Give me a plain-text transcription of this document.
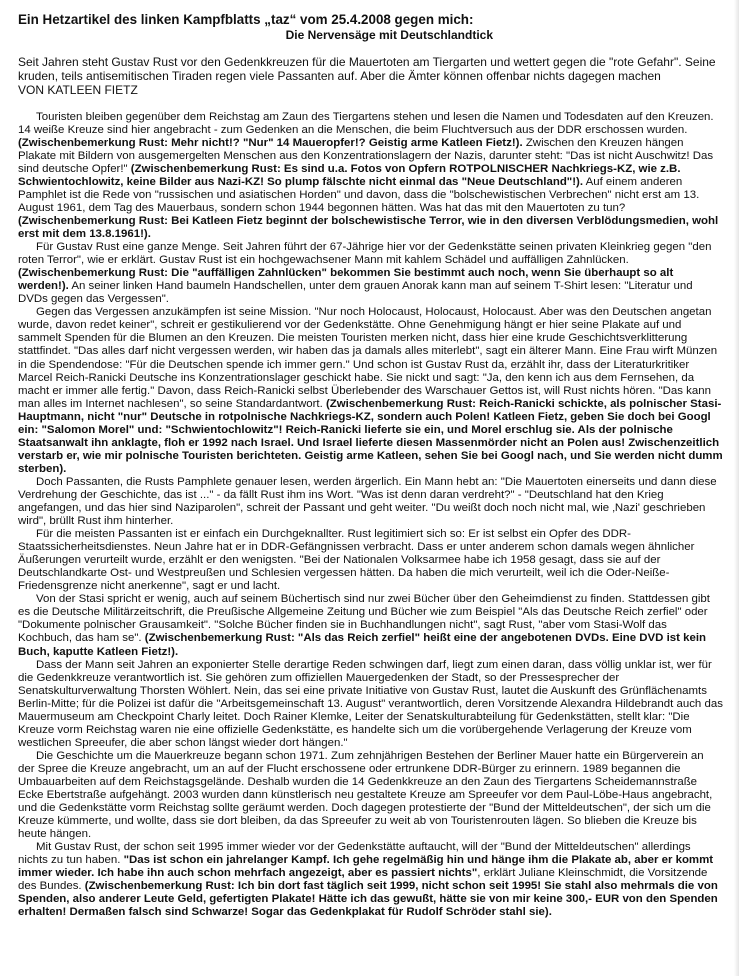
Ein Hetzartikel des linken Kampfblatts „taz“ vom 25.4.2008 gegen mich:
Die Nervensäge mit Deutschlandtick
Seit Jahren steht Gustav Rust vor den Gedenkkreuzen für die Mauertoten am Tiergarten und wettert gegen die "rote Gefahr". Seine kruden, teils antisemitischen Tiraden regen viele Passanten auf. Aber die Ämter können offenbar nichts dagegen machen
VON KATLEEN FIETZ

Touristen bleiben gegenüber dem Reichstag am Zaun des Tiergartens stehen und lesen die Namen und Todesdaten auf den Kreuzen. 14 weiße Kreuze sind hier angebracht - zum Gedenken an die Menschen, die beim Fluchtversuch aus der DDR erschossen wurden. (Zwischenbemerkung Rust: Mehr nicht!? "Nur" 14 Maueropfer!? Geistig arme Katleen Fietz!). Zwischen den Kreuzen hängen Plakate mit Bildern von ausgemergelten Menschen aus den Konzentrationslagern der Nazis, darunter steht: "Das ist nicht Auschwitz! Das sind deutsche Opfer!" (Zwischenbemerkung Rust: Es sind u.a. Fotos von Opfern ROTPOLNISCHER Nachkriegs-KZ, wie z.B. Schwientochlowitz, keine Bilder aus Nazi-KZ! So plump fälschte nicht einmal das "Neue Deutschland"!). Auf einem anderen Pamphlet ist die Rede von "russischen und asiatischen Horden" und davon, dass die "bolschewistischen Verbrechen" nicht erst am 13. August 1961, dem Tag des Mauerbaus, sondern schon 1944 begonnen hätten. Was hat das mit den Mauertoten zu tun? (Zwischenbemerkung Rust: Bei Katleen Fietz beginnt der bolschewistische Terror, wie in den diversen Verblödungsmedien, wohl erst mit dem 13.8.1961!).

Für Gustav Rust eine ganze Menge. Seit Jahren führt der 67-Jährige hier vor der Gedenkstätte seinen privaten Kleinkrieg gegen "den roten Terror", wie er erklärt. Gustav Rust ist ein hochgewachsener Mann mit kahlem Schädel und auffälligen Zahnlücken. (Zwischenbemerkung Rust: Die "auffälligen Zahnlücken" bekommen Sie bestimmt auch noch, wenn Sie überhaupt so alt werden!). An seiner linken Hand baumeln Handschellen, unter dem grauen Anorak kann man auf seinem T-Shirt lesen: "Literatur und DVDs gegen das Vergessen".

Gegen das Vergessen anzukämpfen ist seine Mission. "Nur noch Holocaust, Holocaust, Holocaust. Aber was den Deutschen angetan wurde, davon redet keiner", schreit er gestikulierend vor der Gedenkstätte. Ohne Genehmigung hängt er hier seine Plakate auf und sammelt Spenden für die Blumen an den Kreuzen. Die meisten Touristen merken nicht, dass hier eine krude Geschichtsverklitterung stattfindet. "Das alles darf nicht vergessen werden, wir haben das ja damals alles miterlebt", sagt ein älterer Mann. Eine Frau wirft Münzen in die Spendendose: "Für die Deutschen spende ich immer gern." Und schon ist Gustav Rust da, erzählt ihr, dass der Literaturkritiker Marcel Reich-Ranicki Deutsche ins Konzentrationslager geschickt habe. Sie nickt und sagt: "Ja, den kenn ich aus dem Fernsehen, da macht er immer alle fertig." Davon, dass Reich-Ranicki selbst Überlebender des Warschauer Gettos ist, will Rust nichts hören. "Das kann man alles im Internet nachlesen", so seine Standardantwort. (Zwischenbemerkung Rust: Reich-Ranicki schickte, als polnischer Stasi-Hauptmann, nicht "nur" Deutsche in rotpolnische Nachkriegs-KZ, sondern auch Polen! Katleen Fietz, geben Sie doch bei Googl ein: "Salomon Morel" und: "Schwientochlowitz"! Reich-Ranicki lieferte sie ein, und Morel erschlug sie. Als der polnische Staatsanwalt ihn anklagte, floh er 1992 nach Israel. Und Israel lieferte diesen Massenmörder nicht an Polen aus! Zwischenzeitlich verstarb er, wie mir polnische Touristen berichteten. Geistig arme Katleen, sehen Sie bei Googl nach, und Sie werden nicht dumm sterben).

Doch Passanten, die Rusts Pamphlete genauer lesen, werden ärgerlich. Ein Mann hebt an: "Die Mauertoten einerseits und dann diese Verdrehung der Geschichte, das ist ..." - da fällt Rust ihm ins Wort. "Was ist denn daran verdreht?" - "Deutschland hat den Krieg angefangen, und das hier sind Naziparolen", schreit der Passant und geht weiter. "Du weißt doch noch nicht mal, wie ‚Nazi' geschrieben wird", brüllt Rust ihm hinterher.

Für die meisten Passanten ist er einfach ein Durchgeknallter. Rust legitimiert sich so: Er ist selbst ein Opfer des DDR-Staatssicherheitsdienstes. Neun Jahre hat er in DDR-Gefängnissen verbracht. Dass er unter anderem schon damals wegen ähnlicher Äußerungen verurteilt wurde, erzählt er den wenigsten. "Bei der Nationalen Volksarmee habe ich 1958 gesagt, dass sie auf der Deutschlandkarte Ost- und Westpreußen und Schlesien vergessen hätten. Da haben die mich verurteilt, weil ich die Oder-Neiße-Friedensgrenze nicht anerkenne", sagt er und lacht.

Von der Stasi spricht er wenig, auch auf seinem Büchertisch sind nur zwei Bücher über den Geheimdienst zu finden. Stattdessen gibt es die Deutsche Militärzeitschrift, die Preußische Allgemeine Zeitung und Bücher wie zum Beispiel "Als das Deutsche Reich zerfiel" oder "Dokumente polnischer Grausamkeit". "Solche Bücher finden sie in Buchhandlungen nicht", sagt Rust, "aber vom Stasi-Wolf das Kochbuch, das ham se". (Zwischenbemerkung Rust: "Als das Reich zerfiel" heißt eine der angebotenen DVDs. Eine DVD ist kein Buch, kaputte Katleen Fietz!).

Dass der Mann seit Jahren an exponierter Stelle derartige Reden schwingen darf, liegt zum einen daran, dass völlig unklar ist, wer für die Gedenkkreuze verantwortlich ist. Sie gehören zum offiziellen Mauergedenken der Stadt, so der Pressesprecher der Senatskulturverwaltung Thorsten Wöhlert. Nein, das sei eine private Initiative von Gustav Rust, lautet die Auskunft des Grünflächenamts Berlin-Mitte; für die Polizei ist dafür die "Arbeitsgemeinschaft 13. August" verantwortlich, deren Vorsitzende Alexandra Hildebrandt auch das Mauermuseum am Checkpoint Charly leitet. Doch Rainer Klemke, Leiter der Senatskulturabteilung für Gedenkstätten, stellt klar: "Die Kreuze vorm Reichstag waren nie eine offizielle Gedenkstätte, es handelte sich um die vorübergehende Verlagerung der Kreuze vom westlichen Spreeufer, die aber schon längst wieder dort hängen."

Die Geschichte um die Mauerkreuze begann schon 1971. Zum zehnjährigen Bestehen der Berliner Mauer hatte ein Bürgerverein an der Spree die Kreuze angebracht, um an auf der Flucht erschossene oder ertrunkene DDR-Bürger zu erinnern. 1989 begannen die Umbauarbeiten auf dem Reichstagsgelände. Deshalb wurden die 14 Gedenkkreuze an den Zaun des Tiergartens Scheidemannstraße Ecke Ebertstraße aufgehängt. 2003 wurden dann künstlerisch neu gestaltete Kreuze am Spreeufer vor dem Paul-Löbe-Haus angebracht, und die Gedenkstätte vorm Reichstag sollte geräumt werden. Doch dagegen protestierte der "Bund der Mitteldeutschen", der sich um die Kreuze kümmerte, und wollte, dass sie dort bleiben, da das Spreeufer zu weit ab von Touristenrouten lägen. So blieben die Kreuze bis heute hängen.

Mit Gustav Rust, der schon seit 1995 immer wieder vor der Gedenkstätte auftaucht, will der "Bund der Mitteldeutschen" allerdings nichts zu tun haben. "Das ist schon ein jahrelanger Kampf. Ich gehe regelmäßig hin und hänge ihm die Plakate ab, aber er kommt immer wieder. Ich habe ihn auch schon mehrfach angezeigt, aber es passiert nichts", erklärt Juliane Kleinschmidt, die Vorsitzende des Bundes. (Zwischenbemerkung Rust: Ich bin dort fast täglich seit 1999, nicht schon seit 1995! Sie stahl also mehrmals die von Spenden, also anderer Leute Geld, gefertigten Plakate! Hätte ich das gewußt, hätte sie von mir keine 300,- EUR von den Spenden erhalten! Dermaßen falsch sind Schwarze! Sogar das Gedenkplakat für Rudolf Schröder stahl sie).
